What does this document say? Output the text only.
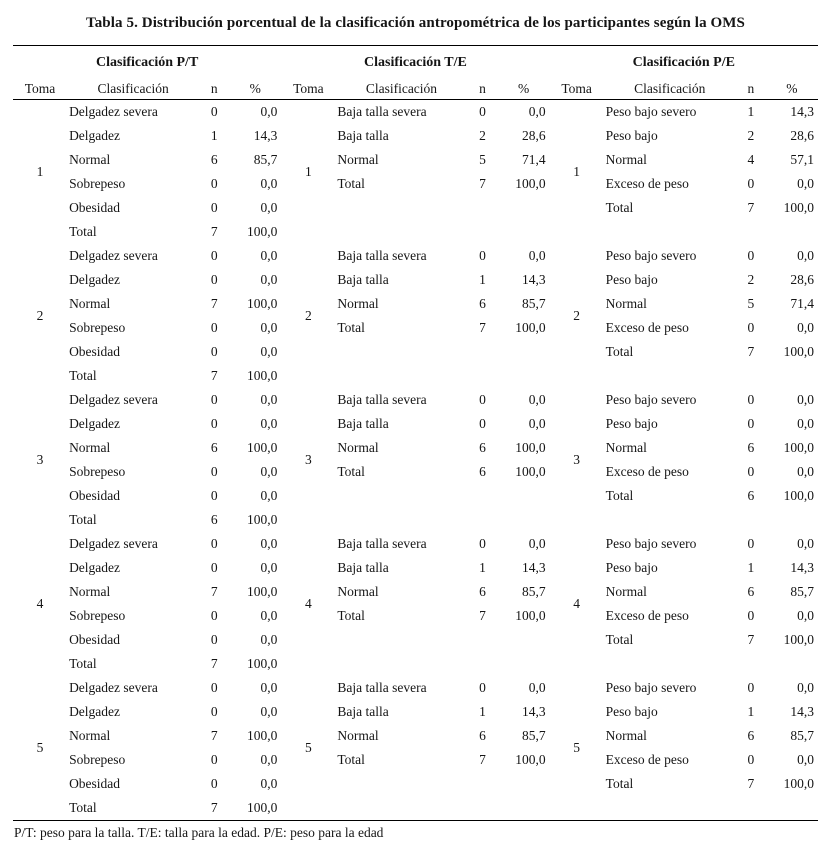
Tabla 5. Distribución porcentual de la clasificación antropométrica de los participantes según la OMS
Clasificación P/T				Clasificación T/E				Clasificación P/E			
Toma	Clasificación	n	%	Toma	Clasificación	n	%	Toma	Clasificación	n	%
1	Delgadez severa	0	0,0	1	Baja talla severa	0	0,0	1	Peso bajo severo	1	14,3
	Delgadez	1	14,3		Baja talla	2	28,6		Peso bajo	2	28,6
	Normal	6	85,7		Normal	5	71,4		Normal	4	57,1
	Sobrepeso	0	0,0		Total	7	100,0		Exceso de peso	0	0,0
	Obesidad	0	0,0						Total	7	100,0
	Total	7	100,0								
2	Delgadez severa	0	0,0	2	Baja talla severa	0	0,0	2	Peso bajo severo	0	0,0
	Delgadez	0	0,0		Baja talla	1	14,3		Peso bajo	2	28,6
	Normal	7	100,0		Normal	6	85,7		Normal	5	71,4
	Sobrepeso	0	0,0		Total	7	100,0		Exceso de peso	0	0,0
	Obesidad	0	0,0						Total	7	100,0
	Total	7	100,0								
3	Delgadez severa	0	0,0	3	Baja talla severa	0	0,0	3	Peso bajo severo	0	0,0
	Delgadez	0	0,0		Baja talla	0	0,0		Peso bajo	0	0,0
	Normal	6	100,0		Normal	6	100,0		Normal	6	100,0
	Sobrepeso	0	0,0		Total	6	100,0		Exceso de peso	0	0,0
	Obesidad	0	0,0						Total	6	100,0
	Total	6	100,0								
4	Delgadez severa	0	0,0	4	Baja talla severa	0	0,0	4	Peso bajo severo	0	0,0
	Delgadez	0	0,0		Baja talla	1	14,3		Peso bajo	1	14,3
	Normal	7	100,0		Normal	6	85,7		Normal	6	85,7
	Sobrepeso	0	0,0		Total	7	100,0		Exceso de peso	0	0,0
	Obesidad	0	0,0						Total	7	100,0
	Total	7	100,0								
5	Delgadez severa	0	0,0	5	Baja talla severa	0	0,0	5	Peso bajo severo	0	0,0
	Delgadez	0	0,0		Baja talla	1	14,3		Peso bajo	1	14,3
	Normal	7	100,0		Normal	6	85,7		Normal	6	85,7
	Sobrepeso	0	0,0		Total	7	100,0		Exceso de peso	0	0,0
	Obesidad	0	0,0						Total	7	100,0
	Total	7	100,0								
P/T: peso para la talla. T/E: talla para la edad. P/E: peso para la edad
